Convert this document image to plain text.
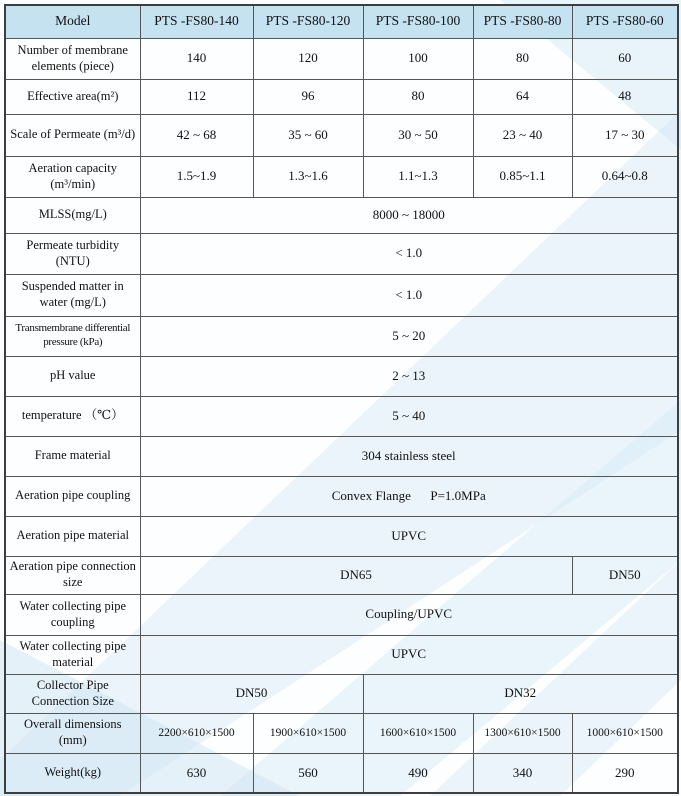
Model	PTS -FS80-140	PTS -FS80-120	PTS -FS80-100	PTS -FS80-80	PTS -FS80-60
Number of membrane elements (piece)	140	120	100	80	60
Effective area(m²)	112	96	80	64	48
Scale of Permeate (m³/d)	42 ~ 68	35 ~ 60	30 ~ 50	23 ~ 40	17 ~ 30
Aeration capacity (m³/min)	1.5~1.9	1.3~1.6	1.1~1.3	0.85~1.1	0.64~0.8
MLSS(mg/L)	8000 ~ 18000				
Permeate turbidity (NTU)	< 1.0				
Suspended matter in water (mg/L)	< 1.0				
Transmembrane differential pressure (kPa)	5 ~ 20				
pH value	2 ~ 13				
temperature （℃）	5 ~ 40				
Frame material	304 stainless steel				
Aeration pipe coupling	Convex Flange      P=1.0MPa				
Aeration pipe material	UPVC				
Aeration pipe connection size	DN65				DN50
Water collecting pipe coupling	Coupling/UPVC				
Water collecting pipe material	UPVC				
Collector Pipe Connection Size	DN50		DN32		
Overall dimensions (mm)	2200×610×1500	1900×610×1500	1600×610×1500	1300×610×1500	1000×610×1500
Weight(kg)	630	560	490	340	290
